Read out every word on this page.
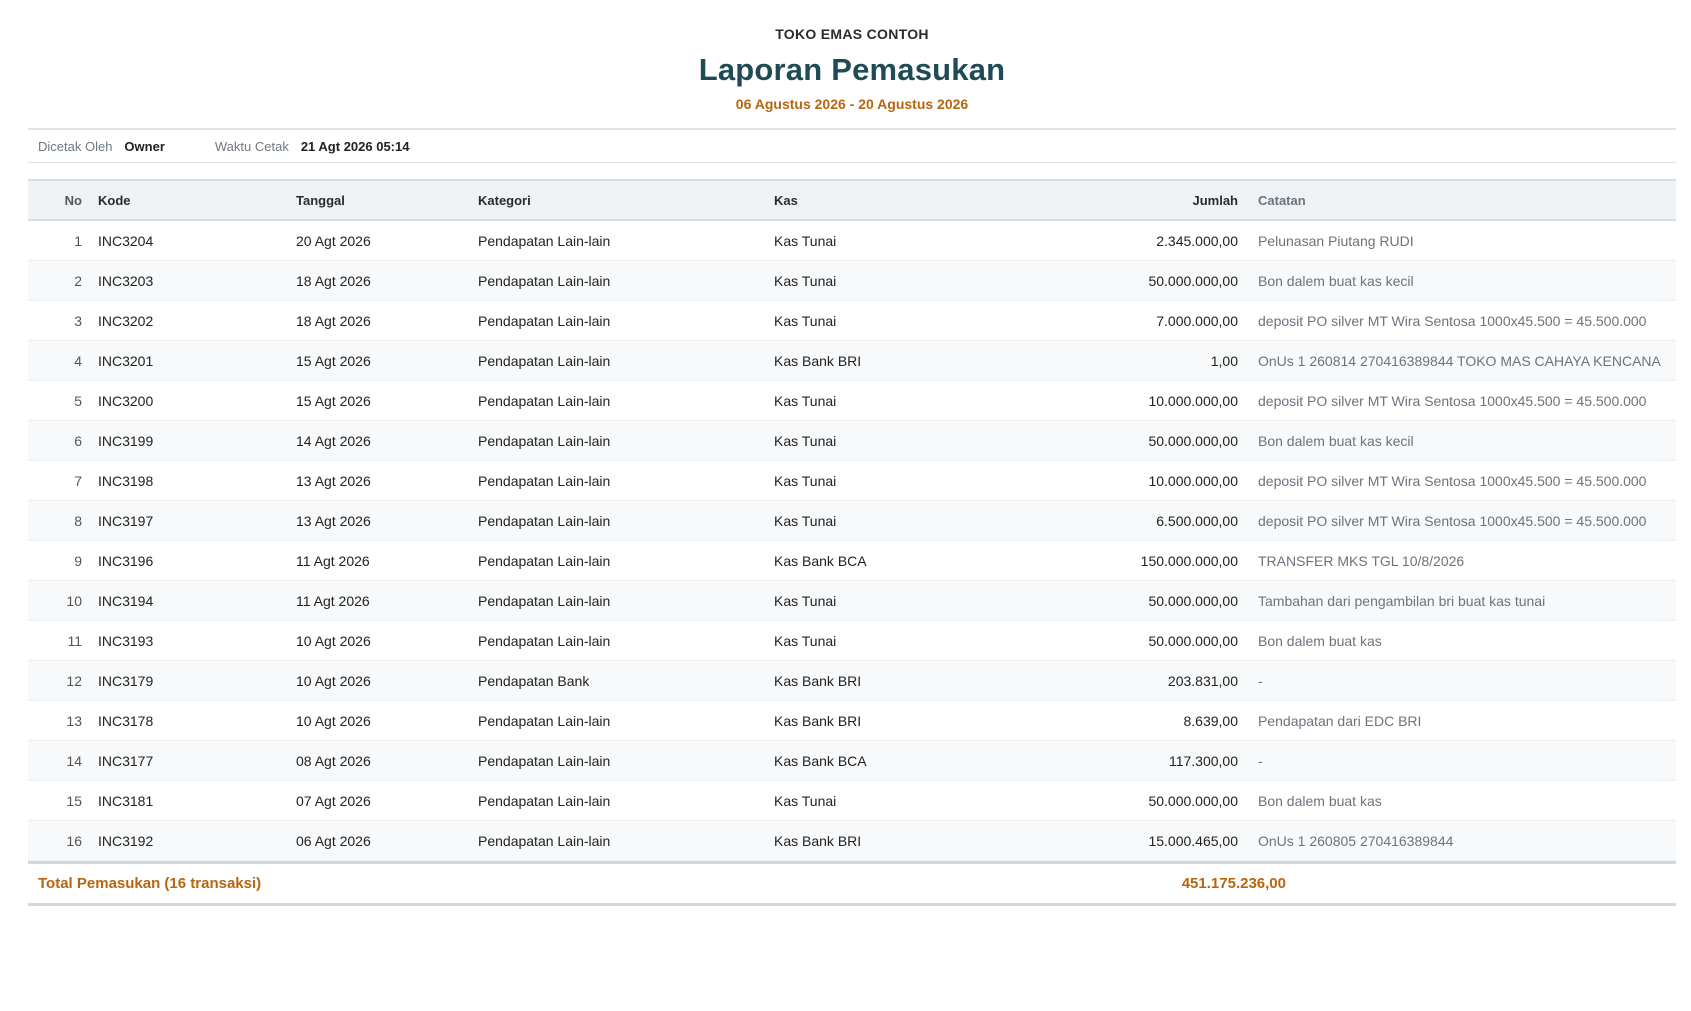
TOKO EMAS CONTOH
Laporan Pemasukan
06 Agustus 2026 - 20 Agustus 2026
Dicetak Oleh Owner	Waktu Cetak 21 Agt 2026 05:14
No	Kode	Tanggal	Kategori	Kas	Jumlah	Catatan
1	INC3204	20 Agt 2026	Pendapatan Lain-lain	Kas Tunai	2.345.000,00	Pelunasan Piutang RUDI
2	INC3203	18 Agt 2026	Pendapatan Lain-lain	Kas Tunai	50.000.000,00	Bon dalem buat kas kecil
3	INC3202	18 Agt 2026	Pendapatan Lain-lain	Kas Tunai	7.000.000,00	deposit PO silver MT Wira Sentosa 1000x45.500 = 45.500.000
4	INC3201	15 Agt 2026	Pendapatan Lain-lain	Kas Bank BRI	1,00	OnUs 1 260814 270416389844 TOKO MAS CAHAYA KENCANA
5	INC3200	15 Agt 2026	Pendapatan Lain-lain	Kas Tunai	10.000.000,00	deposit PO silver MT Wira Sentosa 1000x45.500 = 45.500.000
6	INC3199	14 Agt 2026	Pendapatan Lain-lain	Kas Tunai	50.000.000,00	Bon dalem buat kas kecil
7	INC3198	13 Agt 2026	Pendapatan Lain-lain	Kas Tunai	10.000.000,00	deposit PO silver MT Wira Sentosa 1000x45.500 = 45.500.000
8	INC3197	13 Agt 2026	Pendapatan Lain-lain	Kas Tunai	6.500.000,00	deposit PO silver MT Wira Sentosa 1000x45.500 = 45.500.000
9	INC3196	11 Agt 2026	Pendapatan Lain-lain	Kas Bank BCA	150.000.000,00	TRANSFER MKS TGL 10/8/2026
10	INC3194	11 Agt 2026	Pendapatan Lain-lain	Kas Tunai	50.000.000,00	Tambahan dari pengambilan bri buat kas tunai
11	INC3193	10 Agt 2026	Pendapatan Lain-lain	Kas Tunai	50.000.000,00	Bon dalem buat kas
12	INC3179	10 Agt 2026	Pendapatan Bank	Kas Bank BRI	203.831,00	-
13	INC3178	10 Agt 2026	Pendapatan Lain-lain	Kas Bank BRI	8.639,00	Pendapatan dari EDC BRI
14	INC3177	08 Agt 2026	Pendapatan Lain-lain	Kas Bank BCA	117.300,00	-
15	INC3181	07 Agt 2026	Pendapatan Lain-lain	Kas Tunai	50.000.000,00	Bon dalem buat kas
16	INC3192	06 Agt 2026	Pendapatan Lain-lain	Kas Bank BRI	15.000.465,00	OnUs 1 260805 270416389844
Total Pemasukan (16 transaksi)	451.175.236,00
